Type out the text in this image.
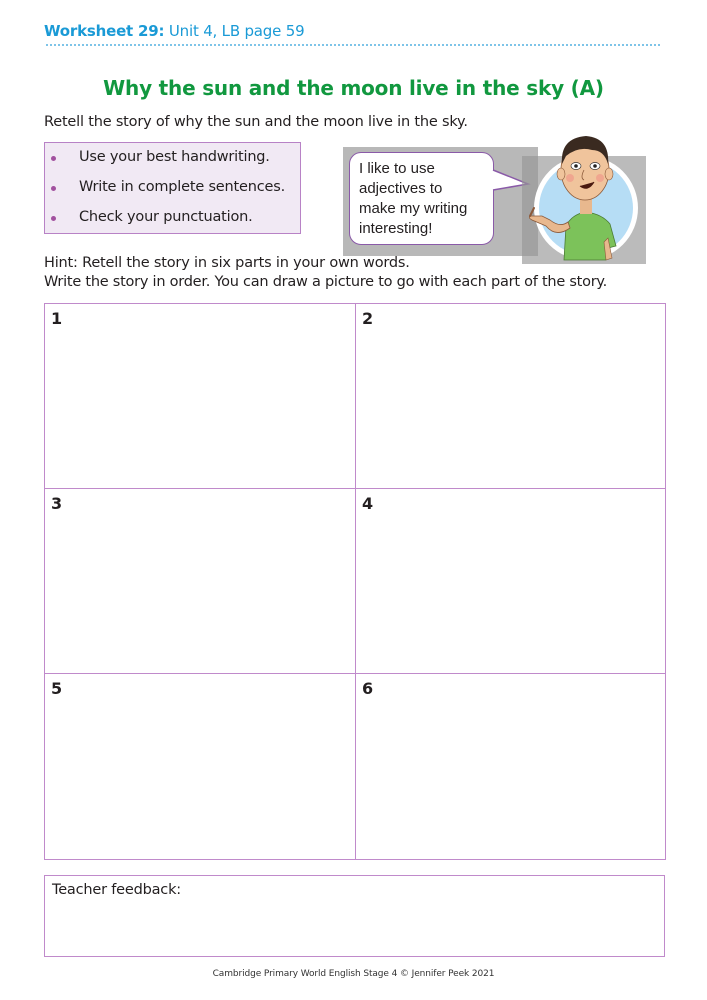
Worksheet 29: Unit 4, LB page 59
Why the sun and the moon live in the sky (A)
Retell the story of why the sun and the moon live in the sky.
Use your best handwriting.
Write in complete sentences.
Check your punctuation.
I like to use
adjectives to
make my writing
interesting!
Hint: Retell the story in six parts in your own words.
Write the story in order. You can draw a picture to go with each part of the story.
1	2
3	4
5	6
Teacher feedback:
Cambridge Primary World English Stage 4 © Jennifer Peek 2021
